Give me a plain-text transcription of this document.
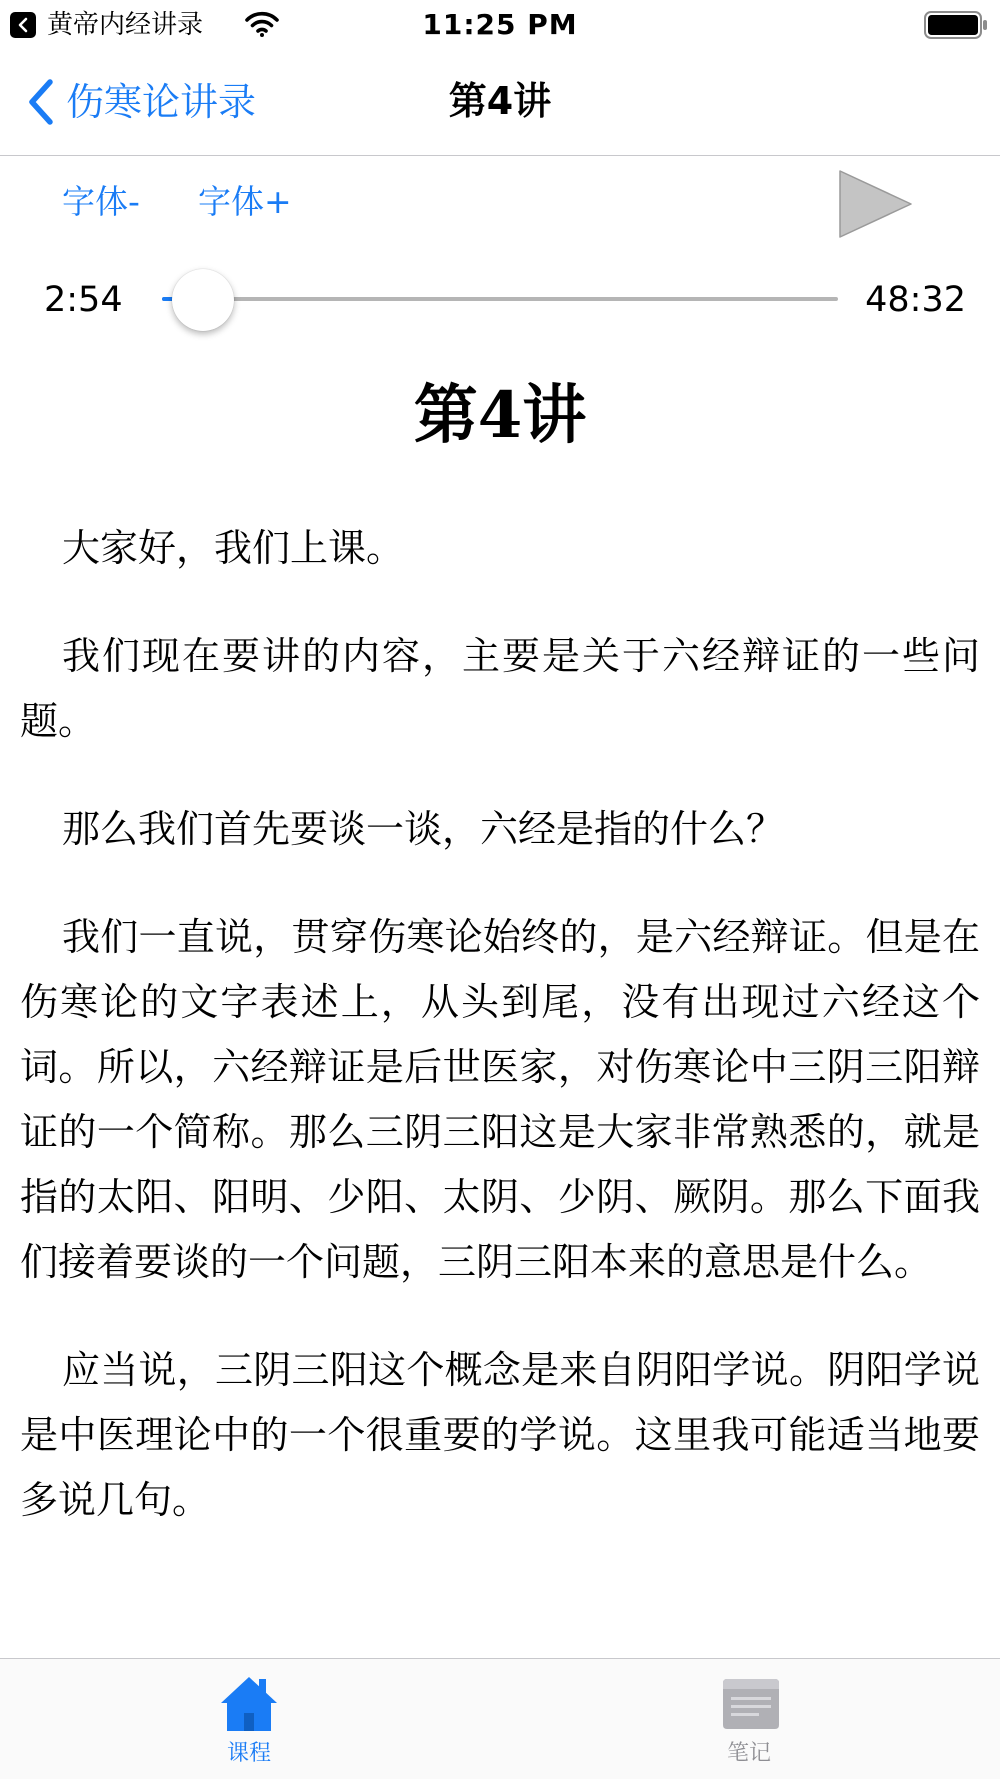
黄帝内经讲录	11:25 PM
伤寒论讲录	第4讲
字体- 字体+
2:54	48:32
第4讲

大家好，我们上课。

我们现在要讲的内容，主要是关于六经辩证的一些问题。

那么我们首先要谈一谈，六经是指的什么？

我们一直说，贯穿伤寒论始终的，是六经辩证。但是在伤寒论的文字表述上，从头到尾，没有出现过六经这个词。所以，六经辩证是后世医家，对伤寒论中三阴三阳辩证的一个简称。那么三阴三阳这是大家非常熟悉的，就是指的太阳、阳明、少阳、太阴、少阴、厥阴。那么下面我们接着要谈的一个问题，三阴三阳本来的意思是什么。

应当说，三阴三阳这个概念是来自阴阳学说。阴阳学说是中医理论中的一个很重要的学说。这里我可能适当地要多说几句。

课程	笔记
